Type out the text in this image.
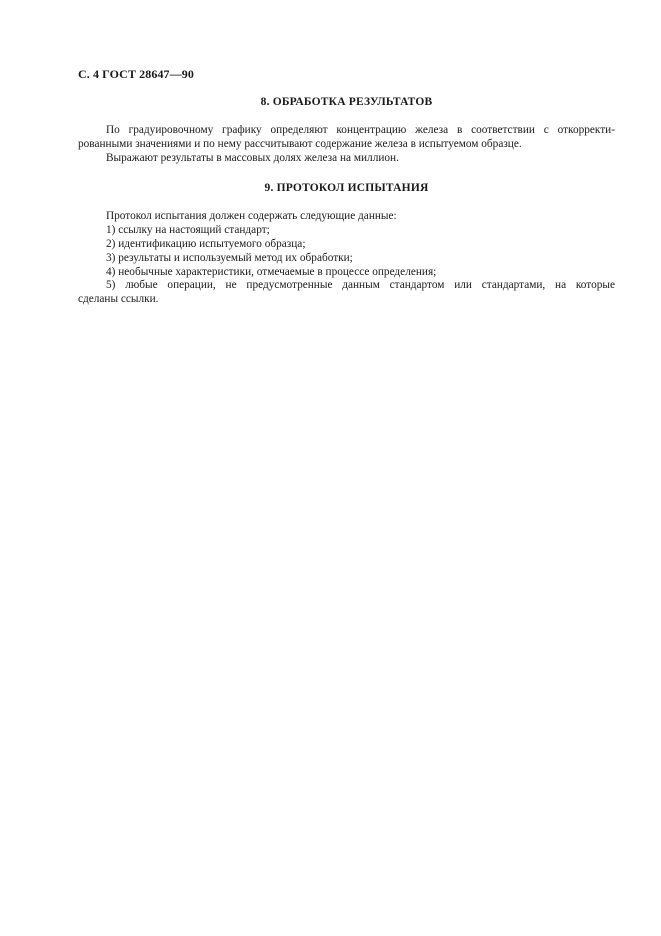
С. 4 ГОСТ 28647—90
8. ОБРАБОТКА РЕЗУЛЬТАТОВ

По градуировочному графику определяют концентрацию железа в соответствии с откорректи-

рованными значениями и по нему рассчитывают содержание железа в испытуемом образце.

Выражают результаты в массовых долях железа на миллион.

9. ПРОТОКОЛ ИСПЫТАНИЯ

Протокол испытания должен содержать следующие данные:

1) ссылку на настоящий стандарт;

2) идентификацию испытуемого образца;

3) результаты и используемый метод их обработки;

4) необычные характеристики, отмечаемые в процессе определения;

5) любые операции, не предусмотренные данным стандартом или стандартами, на которые

сделаны ссылки.
